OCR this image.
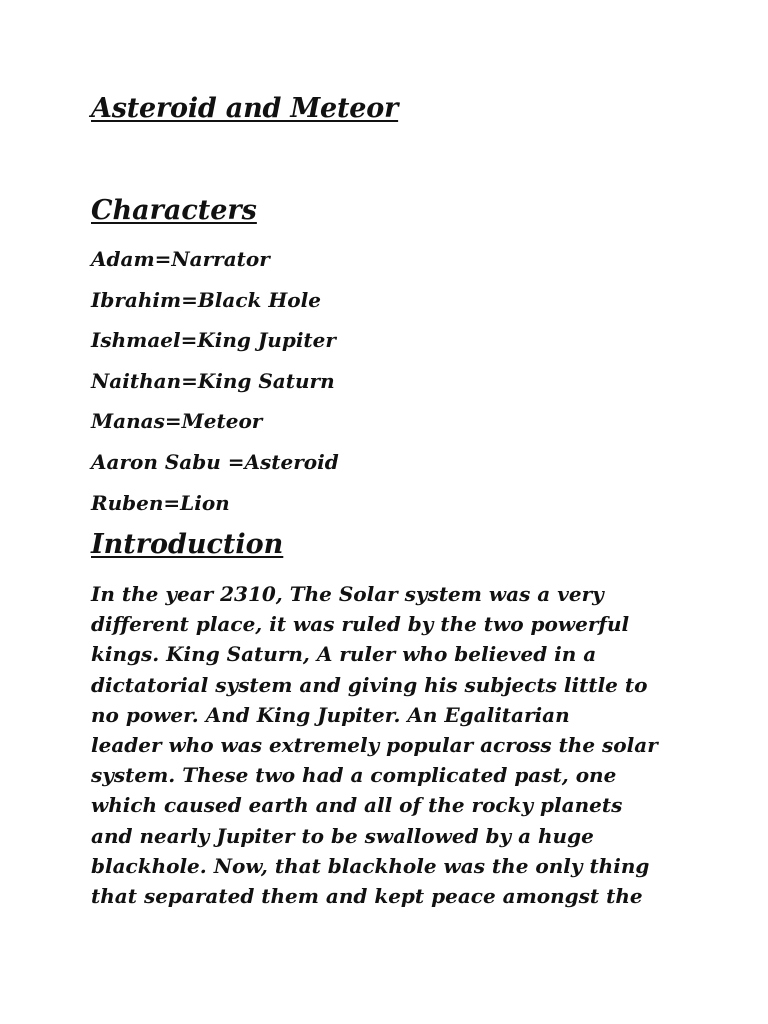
Asteroid and Meteor
Characters
Adam=Narrator
Ibrahim=Black Hole
Ishmael=King Jupiter
Naithan=King Saturn
Manas=Meteor
Aaron Sabu =Asteroid
Ruben=Lion
Introduction

In the year 2310, The Solar system was a very
different place, it was ruled by the two powerful
kings. King Saturn, A ruler who believed in a
dictatorial system and giving his subjects little to
no power. And King Jupiter. An Egalitarian
leader who was extremely popular across the solar
system. These two had a complicated past, one
which caused earth and all of the rocky planets
and nearly Jupiter to be swallowed by a huge
blackhole. Now, that blackhole was the only thing
that separated them and kept peace amongst the
